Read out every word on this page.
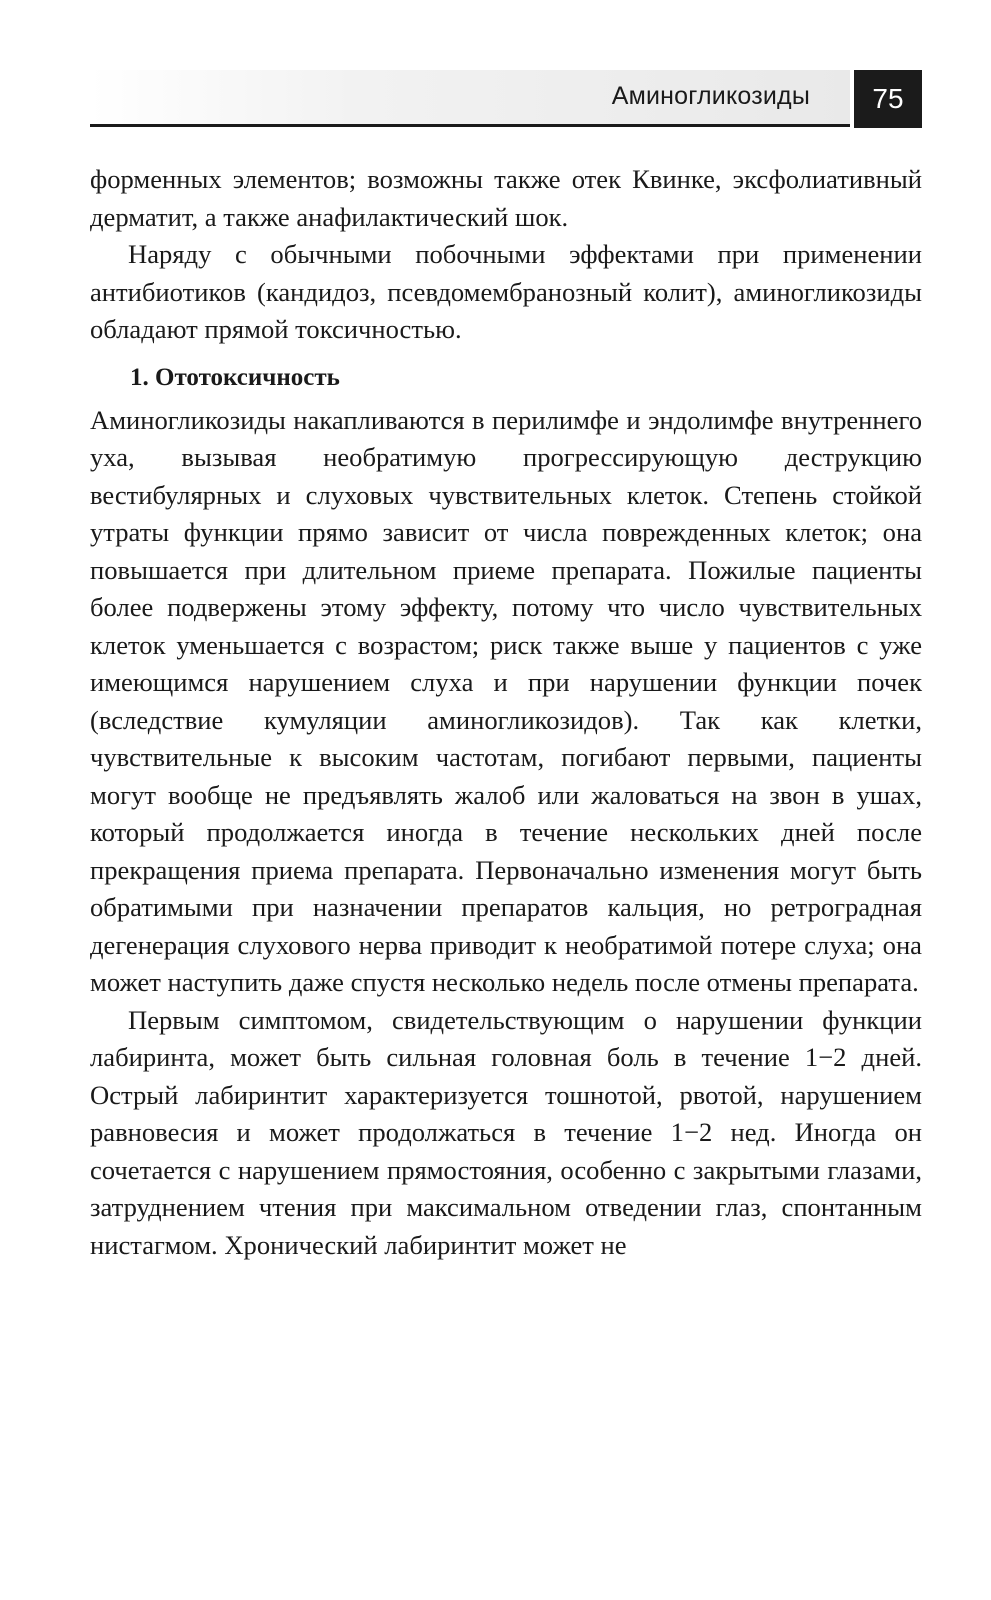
Аминогликозиды	75

форменных элементов; возможны также отек Квинке, эксфолиативный дерматит, а также анафилактический шок.

Наряду с обычными побочными эффектами при применении антибиотиков (кандидоз, псевдомембранозный колит), аминогликозиды обладают прямой токсичностью.

1. Ототоксичность

Аминогликозиды накапливаются в перилимфе и эндолимфе внутреннего уха, вызывая необратимую прогрессирующую деструкцию вестибулярных и слуховых чувствительных клеток. Степень стойкой утраты функции прямо зависит от числа поврежденных клеток; она повышается при длительном приеме препарата. Пожилые пациенты более подвержены этому эффекту, потому что число чувствительных клеток уменьшается с возрастом; риск также выше у пациентов с уже имеющимся нарушением слуха и при нарушении функции почек (вследствие кумуляции аминогликозидов). Так как клетки, чувствительные к высоким частотам, погибают первыми, пациенты могут вообще не предъявлять жалоб или жаловаться на звон в ушах, который продолжается иногда в течение нескольких дней после прекращения приема препарата. Первоначально изменения могут быть обратимыми при назначении препаратов кальция, но ретроградная дегенерация слухового нерва приводит к необратимой потере слуха; она может наступить даже спустя несколько недель после отмены препарата.

Первым симптомом, свидетельствующим о нарушении функции лабиринта, может быть сильная головная боль в течение 1−2 дней. Острый лабиринтит характеризуется тошнотой, рвотой, нарушением равновесия и может продолжаться в течение 1−2 нед. Иногда он сочетается с нарушением прямостояния, особенно с закрытыми глазами, затруднением чтения при максимальном отведении глаз, спонтанным нистагмом. Хронический лабиринтит может не
